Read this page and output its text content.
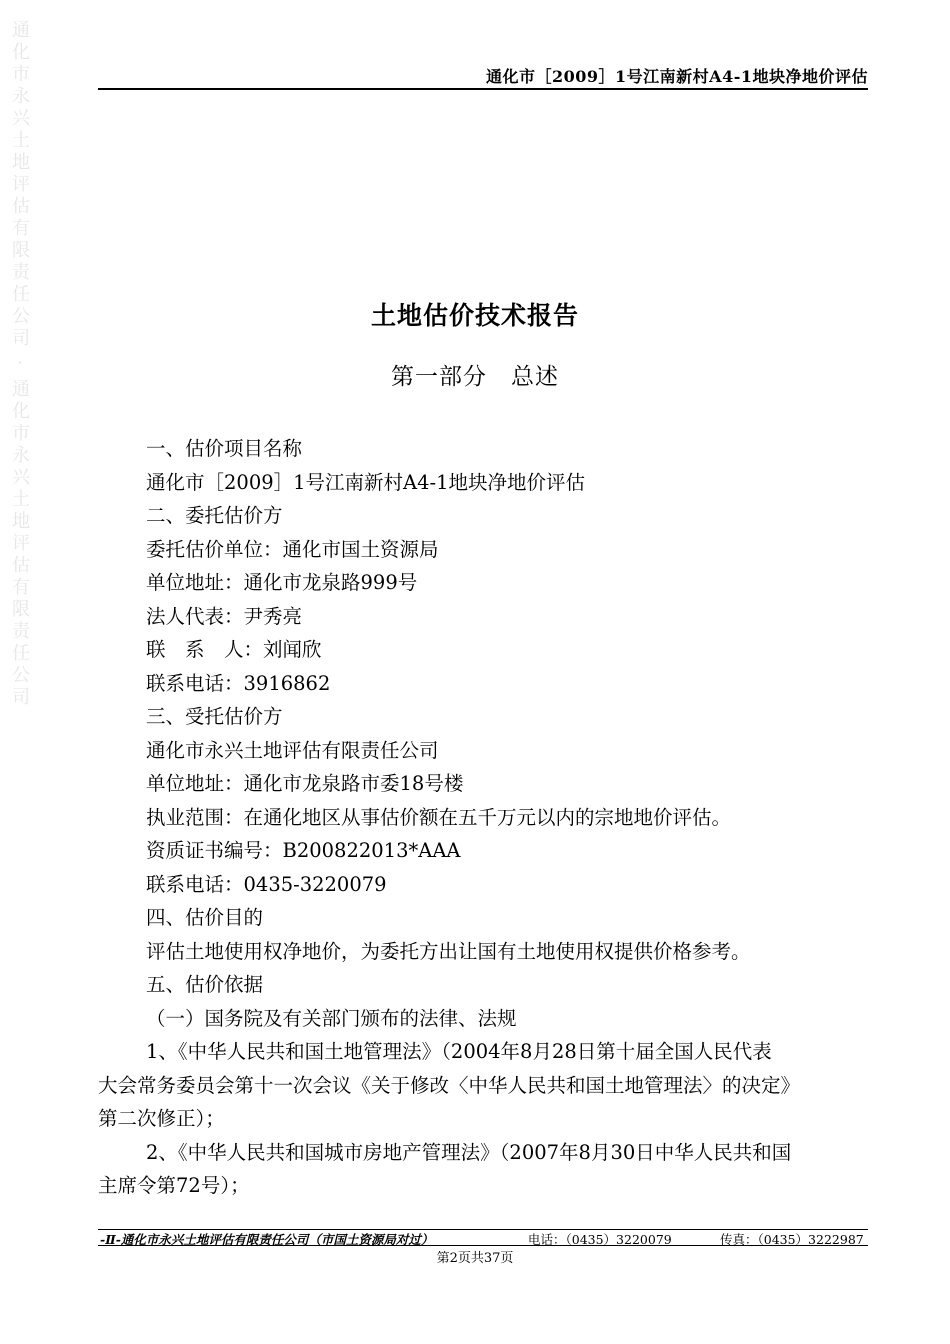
通化市永兴土地评估有限责任公司 · 通化市永兴土地评估有限责任公司	通化市［2009］1号江南新村A4-1地块净地价评估
土地估价技术报告
第一部分　总述
一、估价项目名称
通化市［2009］1号江南新村A4-1地块净地价评估
二、委托估价方
委托估价单位：通化市国土资源局
单位地址：通化市龙泉路999号
法人代表：尹秀亮
联　系　人：刘闻欣
联系电话：3916862
三、受托估价方
通化市永兴土地评估有限责任公司
单位地址：通化市龙泉路市委18号楼
执业范围：在通化地区从事估价额在五千万元以内的宗地地价评估。
资质证书编号：B200822013*AAA
联系电话：0435-3220079
四、估价目的
评估土地使用权净地价，为委托方出让国有土地使用权提供价格参考。
五、估价依据
（一）国务院及有关部门颁布的法律、法规
1、《中华人民共和国土地管理法》（2004年8月28日第十届全国人民代表
大会常务委员会第十一次会议《关于修改〈中华人民共和国土地管理法〉的决定》
第二次修正）；
2、《中华人民共和国城市房地产管理法》（2007年8月30日中华人民共和国
主席令第72号）；
-Ⅱ-通化市永兴土地评估有限责任公司（市国土资源局对过）	电话：（0435）3220079	传真：（0435）3222987
第2页共37页
